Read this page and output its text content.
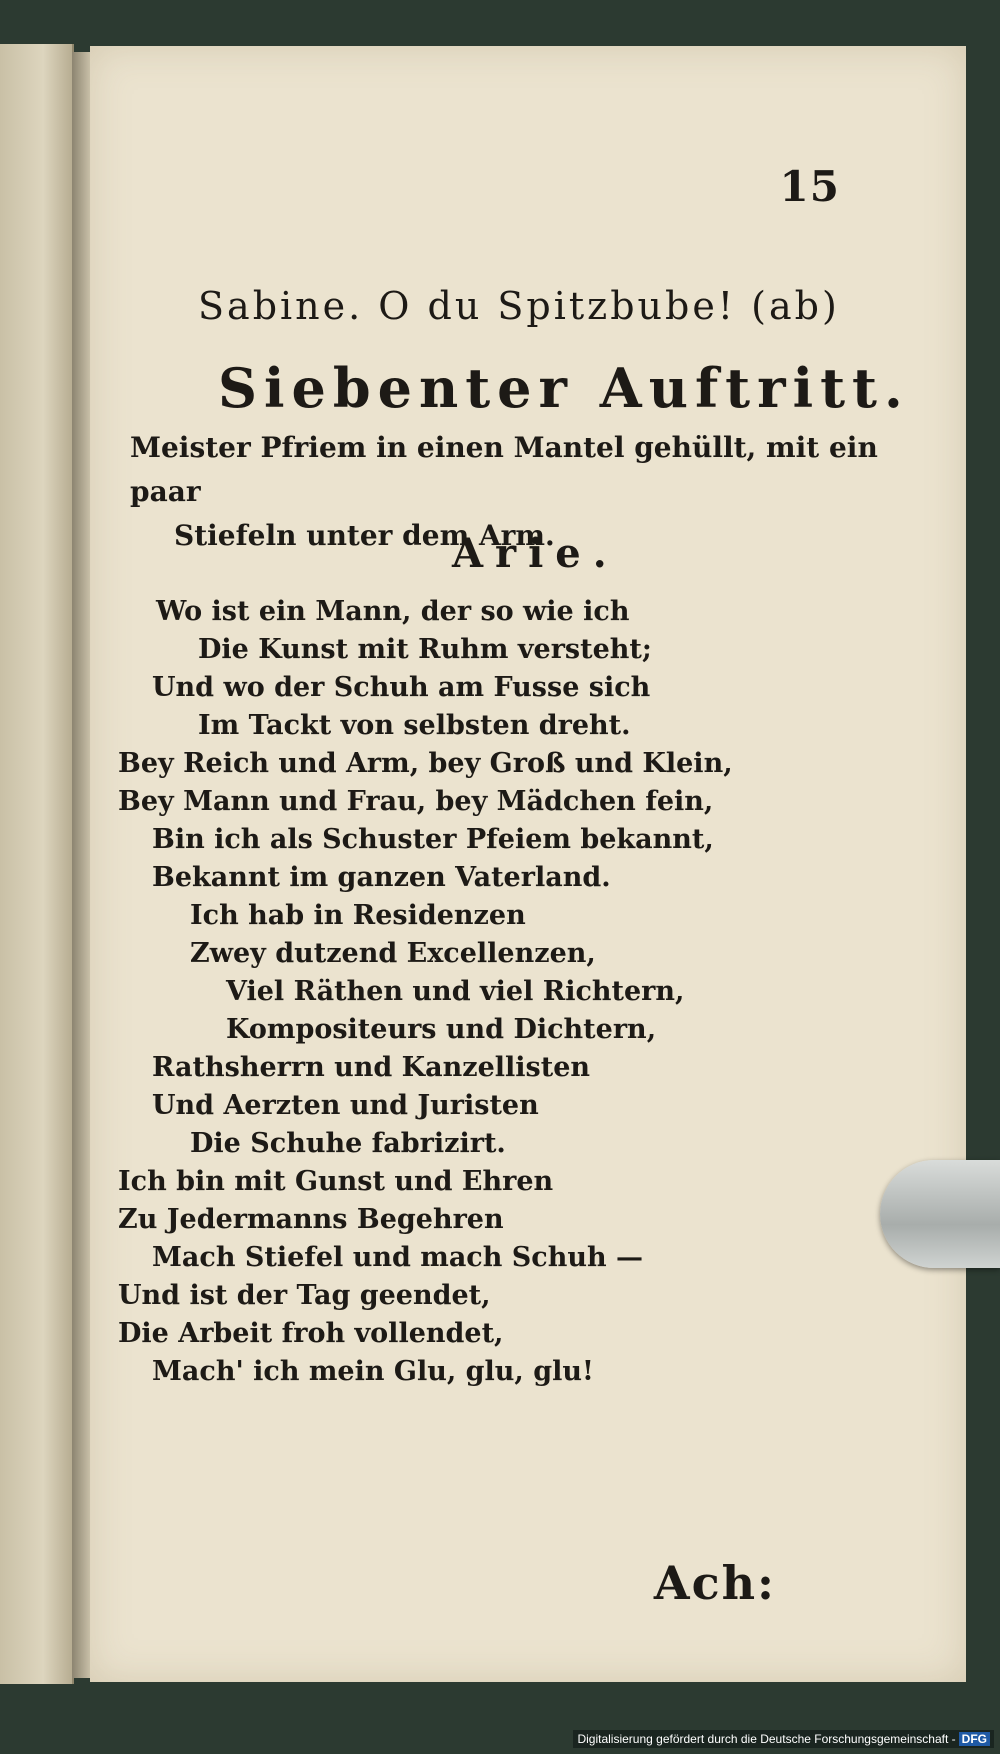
15
Sabine. O du Spitzbube! (ab)
Siebenter Auftritt.
Meister Pfriem in einen Mantel gehüllt, mit ein paar
Stiefeln unter dem Arm.
Arie.
Wo ist ein Mann, der so wie ich
Die Kunst mit Ruhm versteht;
Und wo der Schuh am Fusse sich
Im Tackt von selbsten dreht.
Bey Reich und Arm, bey Groß und Klein,
Bey Mann und Frau, bey Mädchen fein,
Bin ich als Schuster Pfeiem bekannt,
Bekannt im ganzen Vaterland.
Ich hab in Residenzen
Zwey dutzend Excellenzen,
Viel Räthen und viel Richtern,
Kompositeurs und Dichtern,
Rathsherrn und Kanzellisten
Und Aerzten und Juristen
Die Schuhe fabrizirt.
Ich bin mit Gunst und Ehren
Zu Jedermanns Begehren
Mach Stiefel und mach Schuh —
Und ist der Tag geendet,
Die Arbeit froh vollendet,
Mach' ich mein Glu, glu, glu!
Ach:
Digitalisierung gefördert durch die Deutsche Forschungsgemeinschaft - DFG
